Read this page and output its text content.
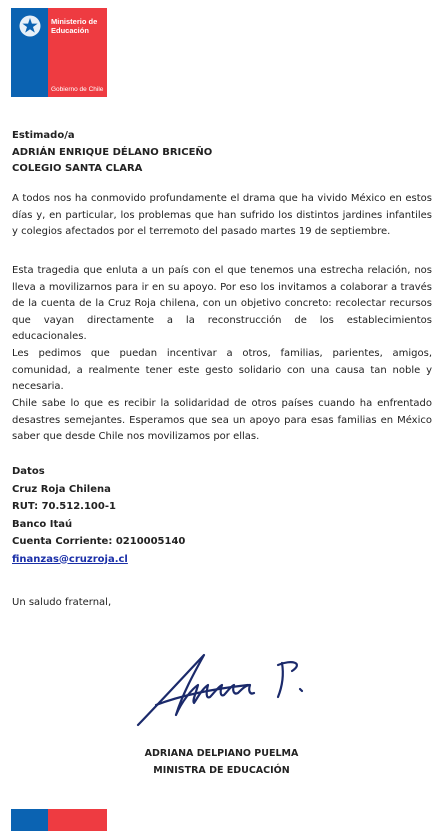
Ministerio de
Educación
Gobierno de Chile
Estimado/a
ADRIÁN ENRIQUE DÉLANO BRICEÑO
COLEGIO SANTA CLARA

A todos nos ha conmovido profundamente el drama que ha vivido México en estos días y, en particular, los problemas que han sufrido los distintos jardines infantiles y colegios afectados por el terremoto del pasado martes 19 de septiembre.

Esta tragedia que enluta a un país con el que tenemos una estrecha relación, nos lleva a movilizarnos para ir en su apoyo. Por eso los invitamos a colaborar a través de la cuenta de la Cruz Roja chilena, con un objetivo concreto: recolectar recursos que vayan directamente a la reconstrucción de los establecimientos educacionales.

Les pedimos que puedan incentivar a otros, familias, parientes, amigos, comunidad, a realmente tener este gesto solidario con una causa tan noble y necesaria.

Chile sabe lo que es recibir la solidaridad de otros países cuando ha enfrentado desastres semejantes. Esperamos que sea un apoyo para esas familias en México saber que desde Chile nos movilizamos por ellas.

Datos
Cruz Roja Chilena
RUT: 70.512.100-1
Banco Itaú
Cuenta Corriente: 0210005140
finanzas@cruzroja.cl
Un saludo fraternal,
ADRIANA DELPIANO PUELMA
MINISTRA DE EDUCACIÓN
